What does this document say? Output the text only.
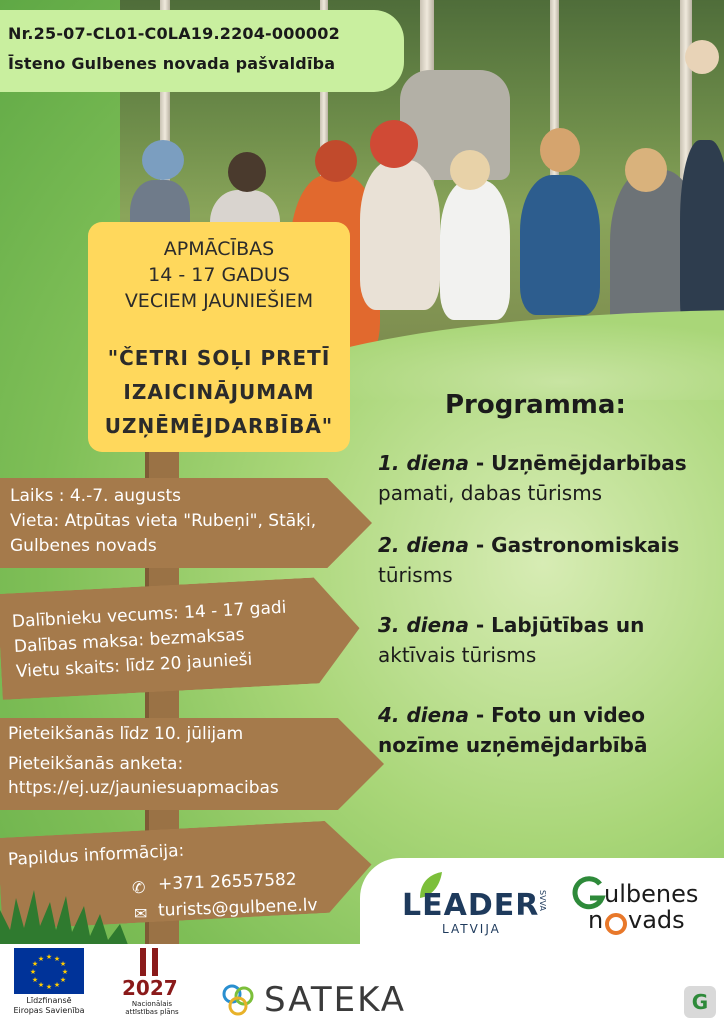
Nr.25-07-CL01-C0LA19.2204-000002
Īsteno Gulbenes novada pašvaldība
APMĀCĪBAS
14 - 17 GADUS
VECIEM JAUNIEŠIEM
"ČETRI SOĻI PRETĪ
IZAICINĀJUMAM
UZŅĒMĒJDARBĪBĀ"
Laiks : 4.-7. augusts
Vieta: Atpūtas vieta "Rubeņi", Stāķi,
Gulbenes novads
Dalībnieku vecums: 14 - 17 gadi
Dalības maksa: bezmaksas
Vietu skaits: līdz 20 jaunieši
Pieteikšanās līdz 10. jūlijam
Pieteikšanās anketa:
https://ej.uz/jauniesuapmacibas
Papildus informācija:
✆ +371 26557582
✉ turists@gulbene.lv
Programma:
1. diena - Uzņēmējdarbības
pamati, dabas tūrisms
2. diena - Gastronomiskais
tūrisms
3. diena - Labjūtības un
aktīvais tūrisms
4. diena - Foto un video
nozīme uzņēmējdarbībā
LEADER
LATVIJA
SVVA ulbenes
n vads
★ ★
★
★
★
★
★
★
★
★
★
★
Līdzfinansē
Eiropas Savienība
2027
Nacionālais
attīstības plāns	SATEKA	G
